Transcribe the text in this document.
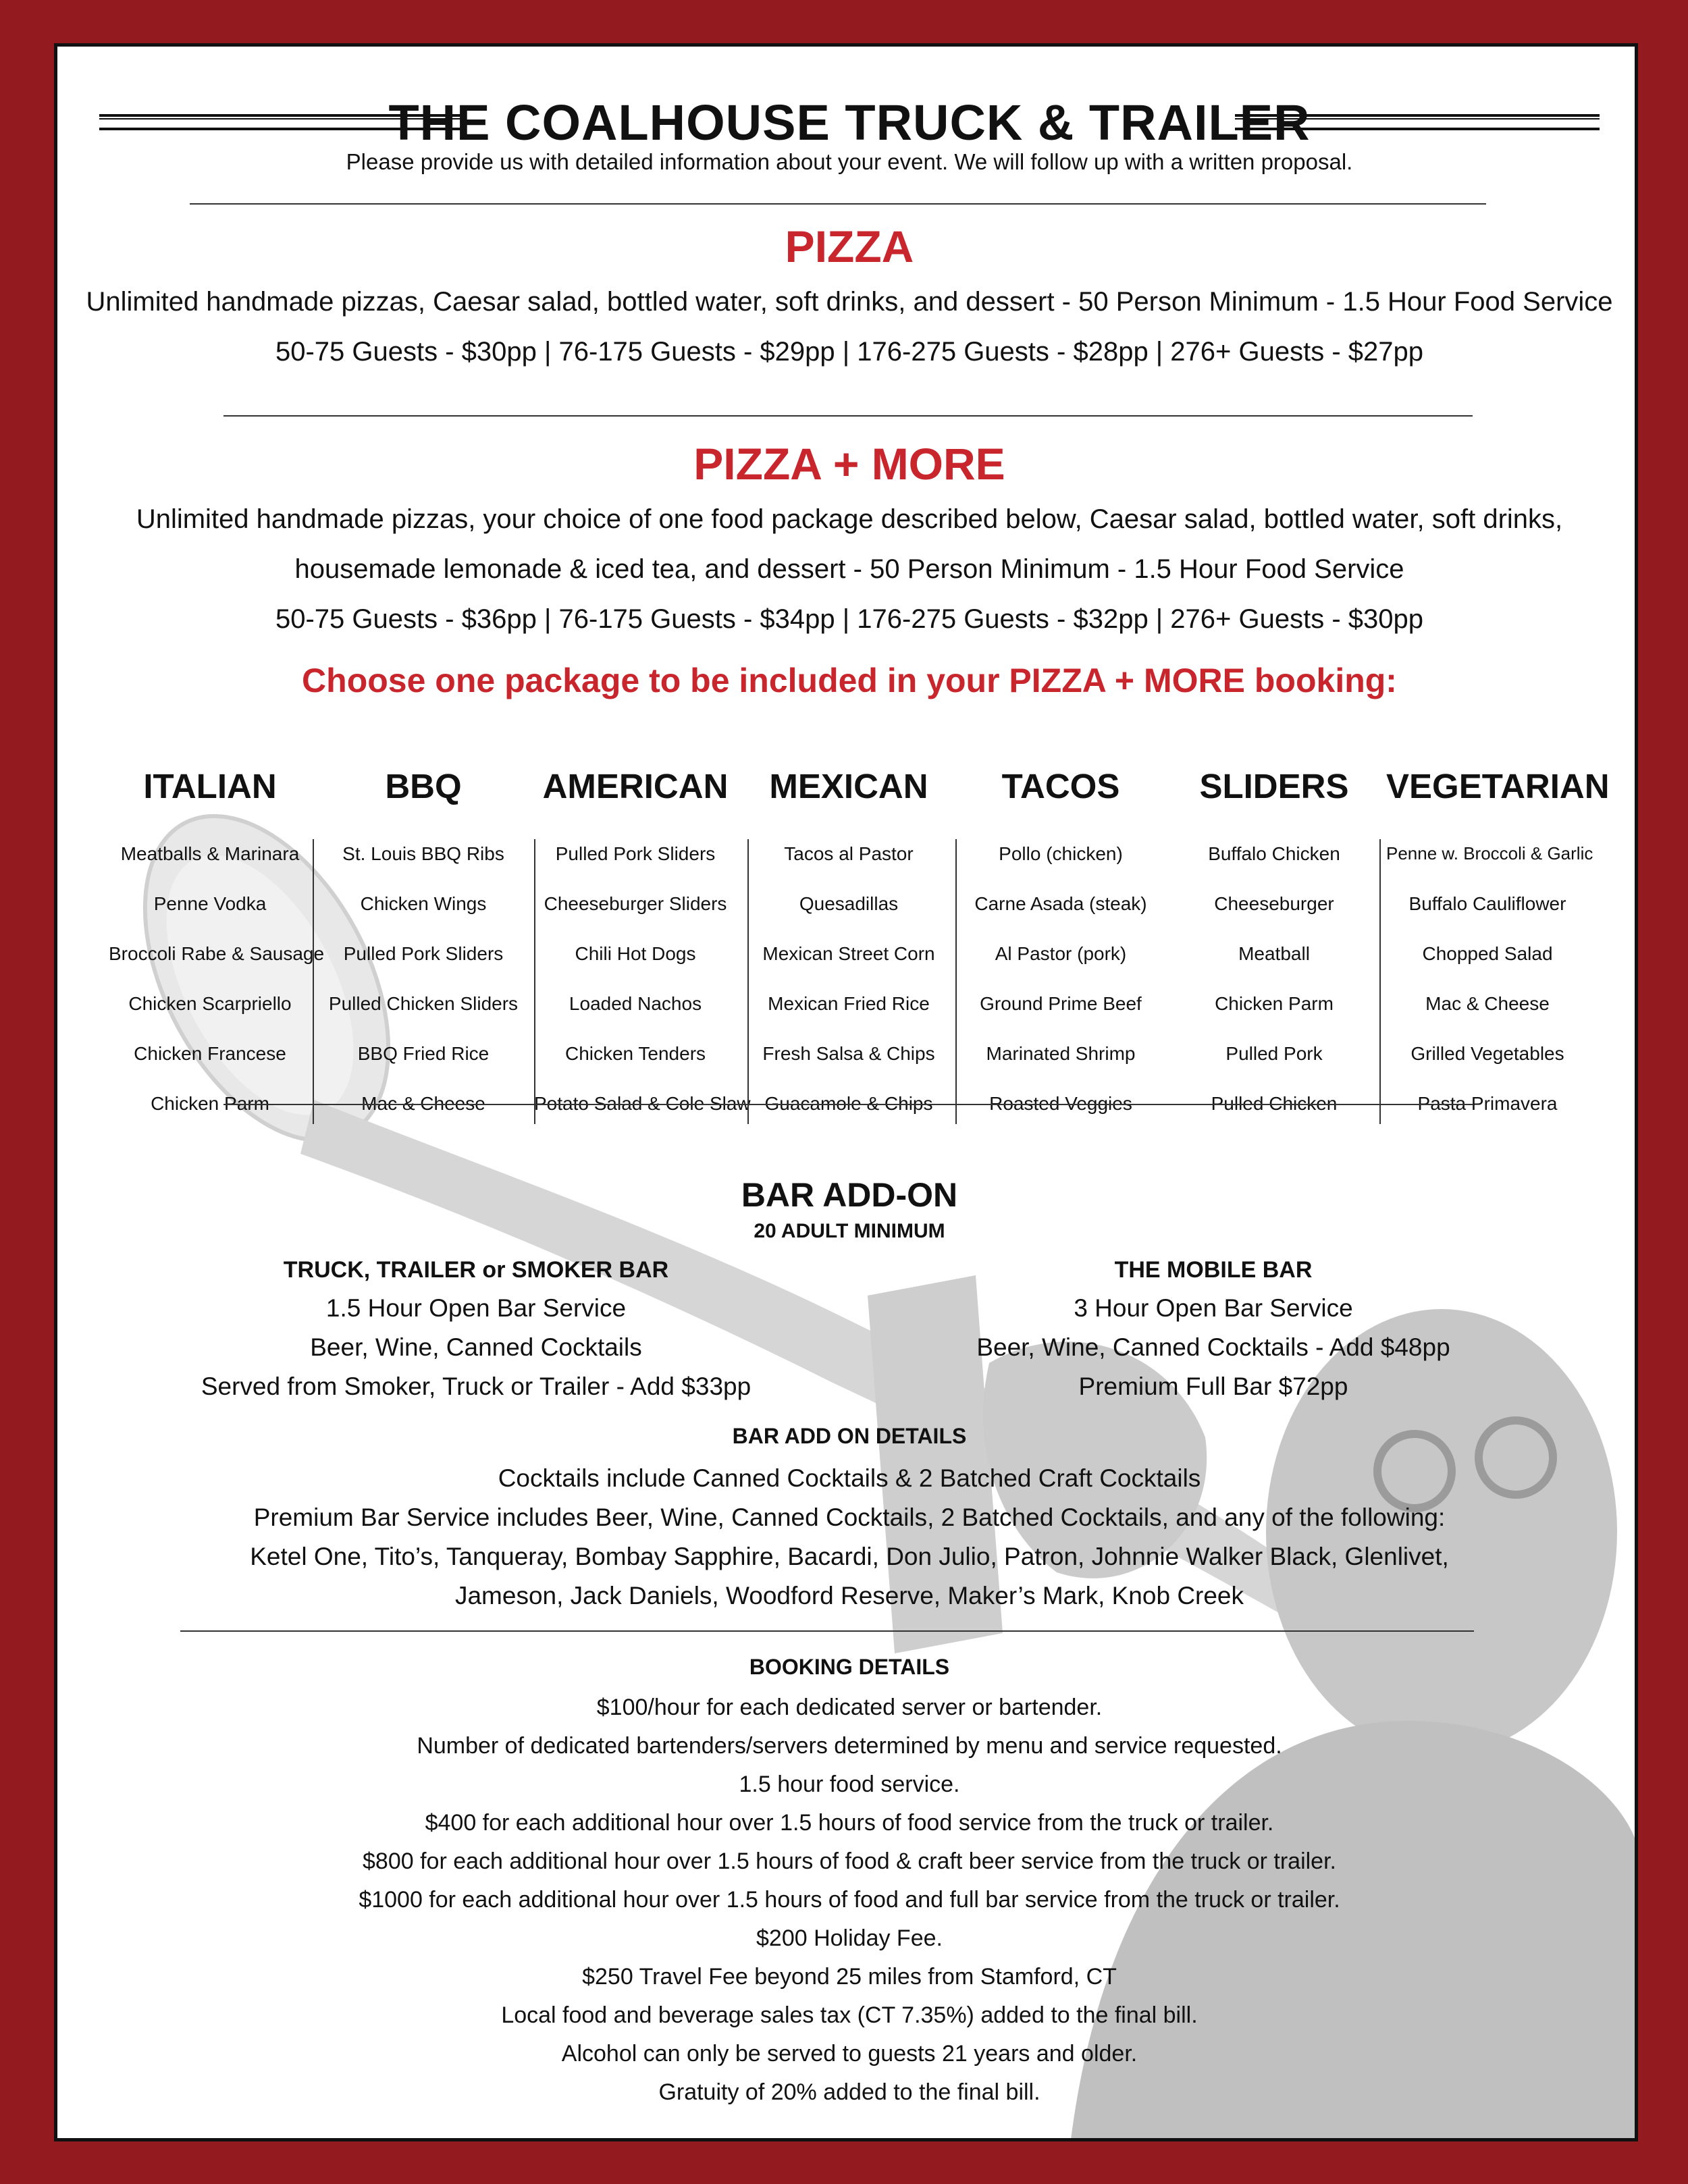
THE COALHOUSE TRUCK & TRAILER
Please provide us with detailed information about your event. We will follow up with a written proposal.
PIZZA
Unlimited handmade pizzas, Caesar salad, bottled water, soft drinks, and dessert - 50 Person Minimum - 1.5 Hour Food Service
50-75 Guests - $30pp | 76-175 Guests - $29pp | 176-275 Guests - $28pp | 276+ Guests - $27pp
PIZZA + MORE
Unlimited handmade pizzas, your choice of one food package described below, Caesar salad, bottled water, soft drinks,
housemade lemonade & iced tea, and dessert - 50 Person Minimum - 1.5 Hour Food Service
50-75 Guests - $36pp | 76-175 Guests - $34pp | 176-275 Guests - $32pp | 276+ Guests - $30pp
Choose one package to be included in your PIZZA + MORE booking:
ITALIAN
Meatballs & Marinara
Penne Vodka
Broccoli Rabe & Sausage
Chicken Scarpriello
Chicken Francese
Chicken Parm
BBQ
St. Louis BBQ Ribs
Chicken Wings
Pulled Pork Sliders
Pulled Chicken Sliders
BBQ Fried Rice
Mac & Cheese
AMERICAN
Pulled Pork Sliders
Cheeseburger Sliders
Chili Hot Dogs
Loaded Nachos
Chicken Tenders
Potato Salad & Cole Slaw
MEXICAN
Tacos al Pastor
Quesadillas
Mexican Street Corn
Mexican Fried Rice
Fresh Salsa & Chips
Guacamole & Chips
TACOS
Pollo (chicken)
Carne Asada (steak)
Al Pastor (pork)
Ground Prime Beef
Marinated Shrimp
Roasted Veggies
SLIDERS
Buffalo Chicken
Cheeseburger
Meatball
Chicken Parm
Pulled Pork
Pulled Chicken
VEGETARIAN
Penne w. Broccoli & Garlic
Buffalo Cauliflower
Chopped Salad
Mac & Cheese
Grilled Vegetables
Pasta Primavera
BAR ADD-ON
20 ADULT MINIMUM
TRUCK, TRAILER or SMOKER BAR
1.5 Hour Open Bar Service
Beer, Wine, Canned Cocktails
Served from Smoker, Truck or Trailer - Add $33pp
THE MOBILE BAR
3 Hour Open Bar Service
Beer, Wine, Canned Cocktails - Add $48pp
Premium Full Bar $72pp
BAR ADD ON DETAILS
Cocktails include Canned Cocktails & 2 Batched Craft Cocktails
Premium Bar Service includes Beer, Wine, Canned Cocktails, 2 Batched Cocktails, and any of the following:
Ketel One, Tito’s, Tanqueray, Bombay Sapphire, Bacardi, Don Julio, Patron, Johnnie Walker Black, Glenlivet,
Jameson, Jack Daniels, Woodford Reserve, Maker’s Mark, Knob Creek
BOOKING DETAILS
$100/hour for each dedicated server or bartender.
Number of dedicated bartenders/servers determined by menu and service requested.
1.5 hour food service.
$400 for each additional hour over 1.5 hours of food service from the truck or trailer.
$800 for each additional hour over 1.5 hours of food & craft beer service from the truck or trailer.
$1000 for each additional hour over 1.5 hours of food and full bar service from the truck or trailer.
$200 Holiday Fee.
$250 Travel Fee beyond 25 miles from Stamford, CT
Local food and beverage sales tax (CT 7.35%) added to the final bill.
Alcohol can only be served to guests 21 years and older.
Gratuity of 20% added to the final bill.
